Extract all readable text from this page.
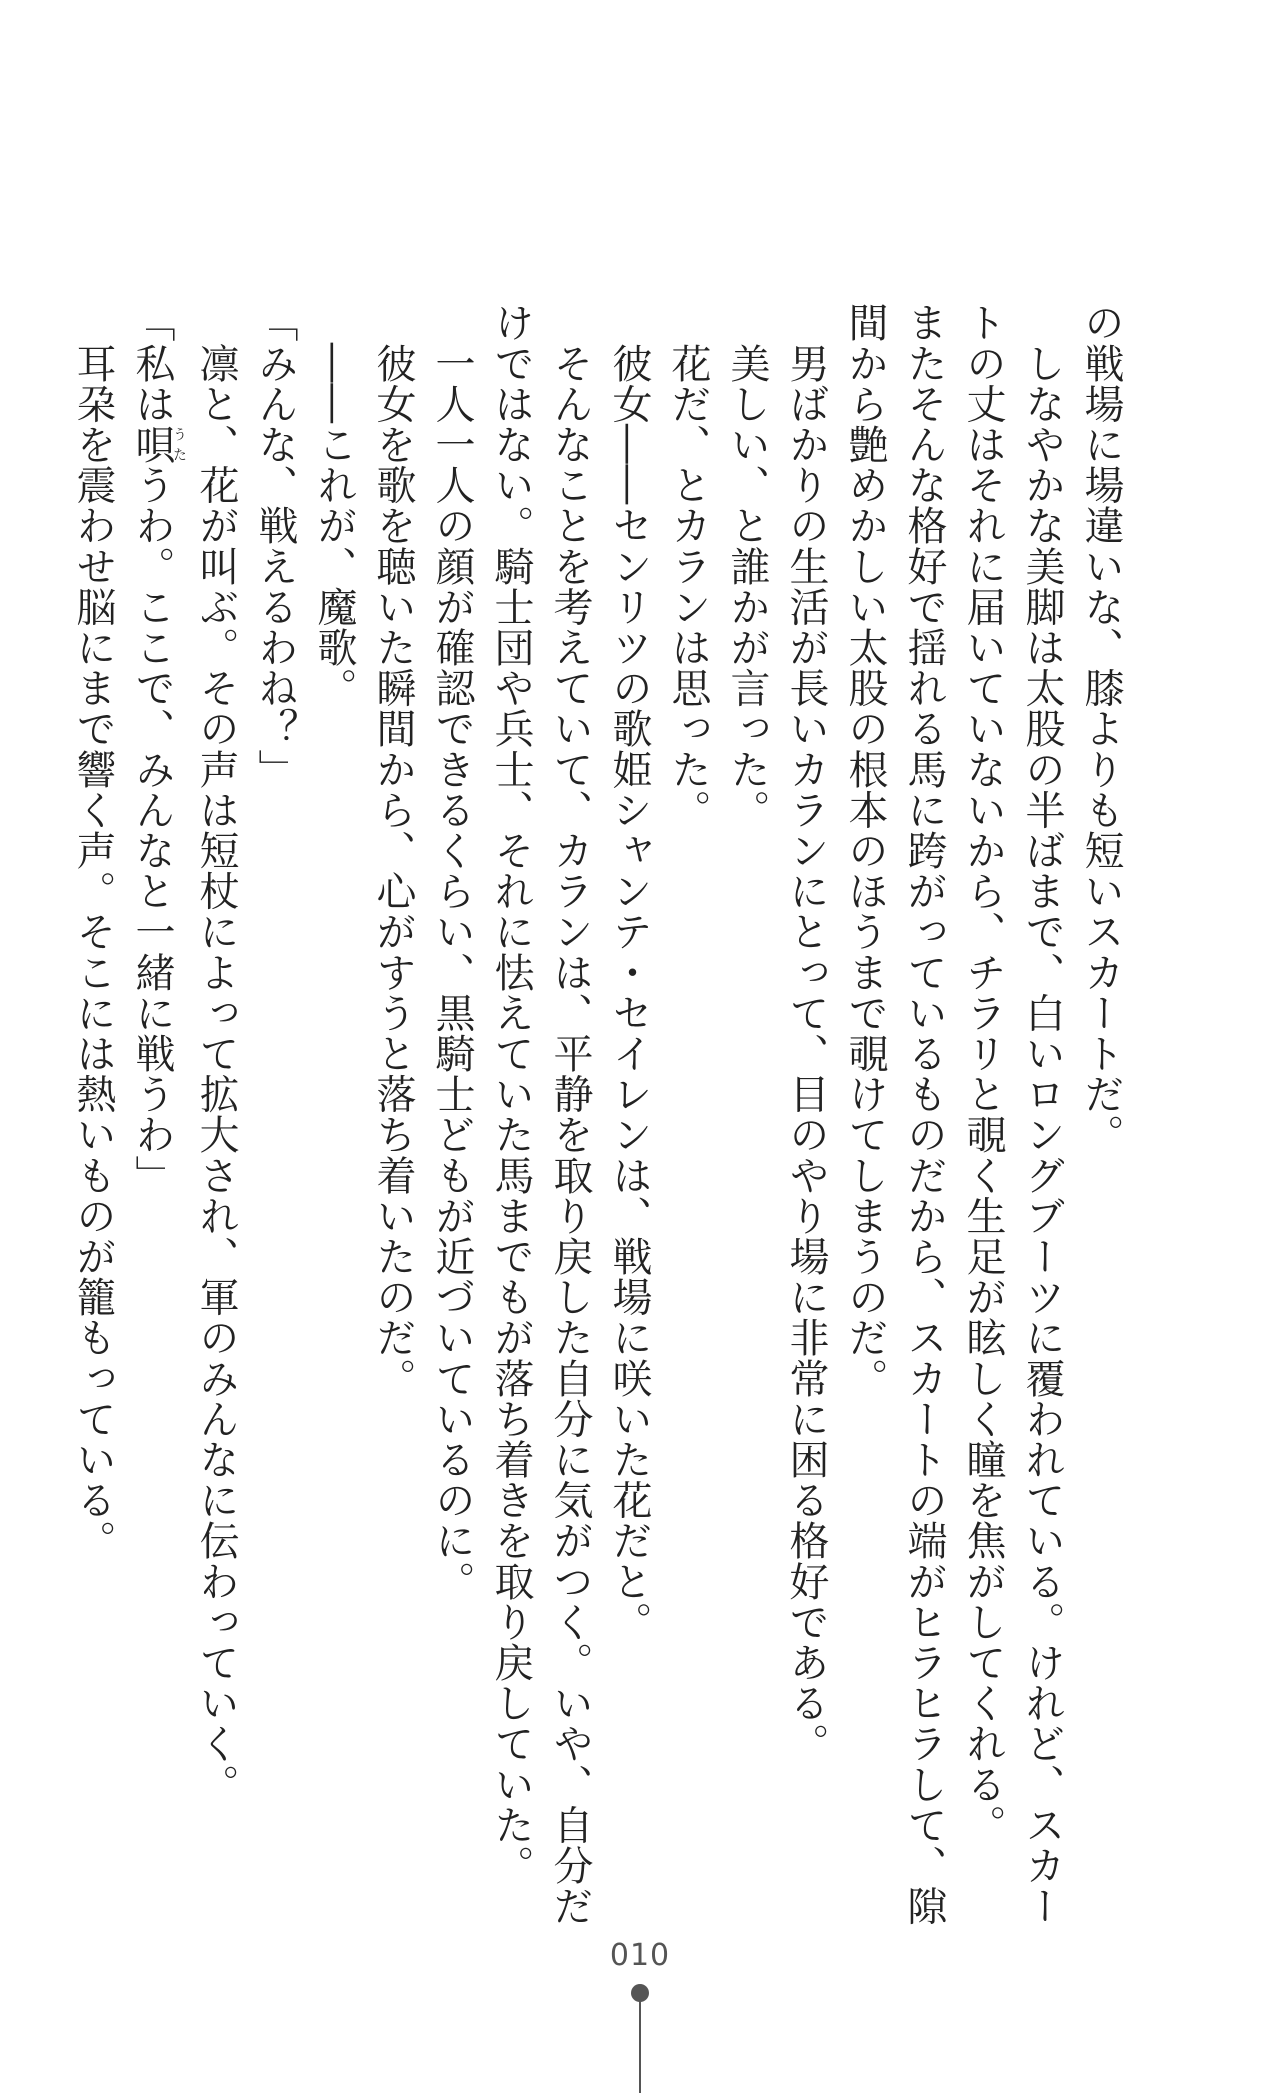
の戦場に場違いな、膝よりも短いスカートだ。
　しなやかな美脚は太股の半ばまで、白いロングブーツに覆われている。けれど、スカー
トの丈はそれに届いていないから、チラリと覗く生足が眩しく瞳を焦がしてくれる。
またそんな格好で揺れる馬に跨がっているものだから、スカートの端がヒラヒラして、隙
間から艶めかしい太股の根本のほうまで覗けてしまうのだ。
　男ばかりの生活が長いカランにとって、目のやり場に非常に困る格好である。
　美しい、と誰かが言った。
　花だ、とカランは思った。
　彼女――センリツの歌姫シャンテ・セイレンは、戦場に咲いた花だと。
　そんなことを考えていて、カランは、平静を取り戻した自分に気がつく。いや、自分だ
けではない。騎士団や兵士、それに怯えていた馬までもが落ち着きを取り戻していた。
　一人一人の顔が確認できるくらい、黒騎士どもが近づいているのに。
　彼女を歌を聴いた瞬間から、心がすうと落ち着いたのだ。
　――これが、魔歌。
「みんな、戦えるわね？」
　凛と、花が叫ぶ。その声は短杖によって拡大され、軍のみんなに伝わっていく。
「私は唄うたうわ。ここで、みんなと一緒に戦うわ」
　耳朶を震わせ脳にまで響く声。そこには熱いものが籠もっている。
010
